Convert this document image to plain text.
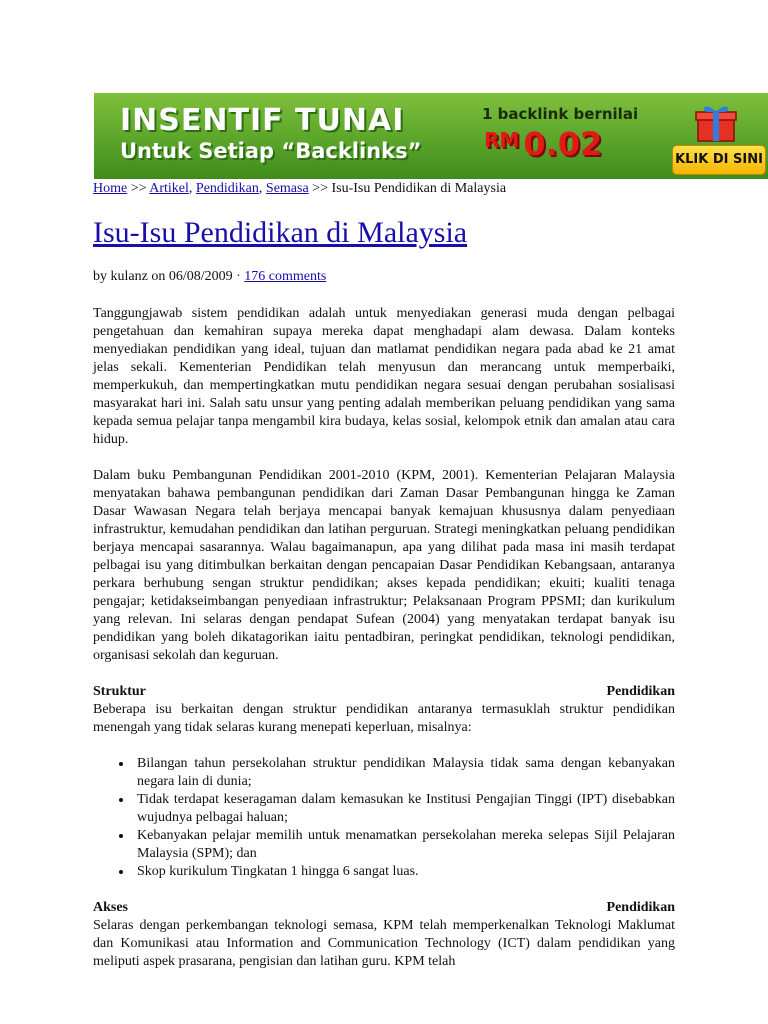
INSENTIF TUNAI
Untuk Setiap “Backlinks”
1 backlink bernilai
$^{RM}$ 0.02	KLIK DI SINI
Home >> Artikel, Pendidikan, Semasa >> Isu-Isu Pendidikan di Malaysia
Isu-Isu Pendidikan di Malaysia
by kulanz on 06/08/2009 · 176 comments

Tanggungjawab sistem pendidikan adalah untuk menyediakan generasi muda dengan pelbagai pengetahuan dan kemahiran supaya mereka dapat menghadapi alam dewasa. Dalam konteks menyediakan pendidikan yang ideal, tujuan dan matlamat pendidikan negara pada abad ke 21 amat jelas sekali. Kementerian Pendidikan telah menyusun dan merancang untuk memperbaiki, memperkukuh, dan mempertingkatkan mutu pendidikan negara sesuai dengan perubahan sosialisasi masyarakat hari ini. Salah satu unsur yang penting adalah memberikan peluang pendidikan yang sama kepada semua pelajar tanpa mengambil kira budaya, kelas sosial, kelompok etnik dan amalan atau cara hidup.

Dalam buku Pembangunan Pendidikan 2001-2010 (KPM, 2001). Kementerian Pelajaran Malaysia menyatakan bahawa pembangunan pendidikan dari Zaman Dasar Pembangunan hingga ke Zaman Dasar Wawasan Negara telah berjaya mencapai banyak kemajuan khususnya dalam penyediaan infrastruktur, kemudahan pendidikan dan latihan perguruan. Strategi meningkatkan peluang pendidikan berjaya mencapai sasarannya. Walau bagaimanapun, apa yang dilihat pada masa ini masih terdapat pelbagai isu yang ditimbulkan berkaitan dengan pencapaian Dasar Pendidikan Kebangsaan, antaranya perkara berhubung sengan struktur pendidikan; akses kepada pendidikan; ekuiti; kualiti tenaga pengajar; ketidakseimbangan penyediaan infrastruktur; Pelaksanaan Program PPSMI; dan kurikulum yang relevan. Ini selaras dengan pendapat Sufean (2004) yang menyatakan terdapat banyak isu pendidikan yang boleh dikatagorikan iaitu pentadbiran, peringkat pendidikan, teknologi pendidikan, organisasi sekolah dan keguruan.

Struktur	Pendidikan

Beberapa isu berkaitan dengan struktur pendidikan antaranya termasuklah struktur pendidikan menengah yang tidak selaras kurang menepati keperluan, misalnya:

• Bilangan tahun persekolahan struktur pendidikan Malaysia tidak sama dengan kebanyakan negara lain di dunia;
• Tidak terdapat keseragaman dalam kemasukan ke Institusi Pengajian Tinggi (IPT) disebabkan wujudnya pelbagai haluan;
• Kebanyakan pelajar memilih untuk menamatkan persekolahan mereka selepas Sijil Pelajaran Malaysia (SPM); dan
• Skop kurikulum Tingkatan 1 hingga 6 sangat luas.
Akses	Pendidikan

Selaras dengan perkembangan teknologi semasa, KPM telah memperkenalkan Teknologi Maklumat dan Komunikasi atau Information and Communication Technology (ICT) dalam pendidikan yang meliputi aspek prasarana, pengisian dan latihan guru. KPM telah
